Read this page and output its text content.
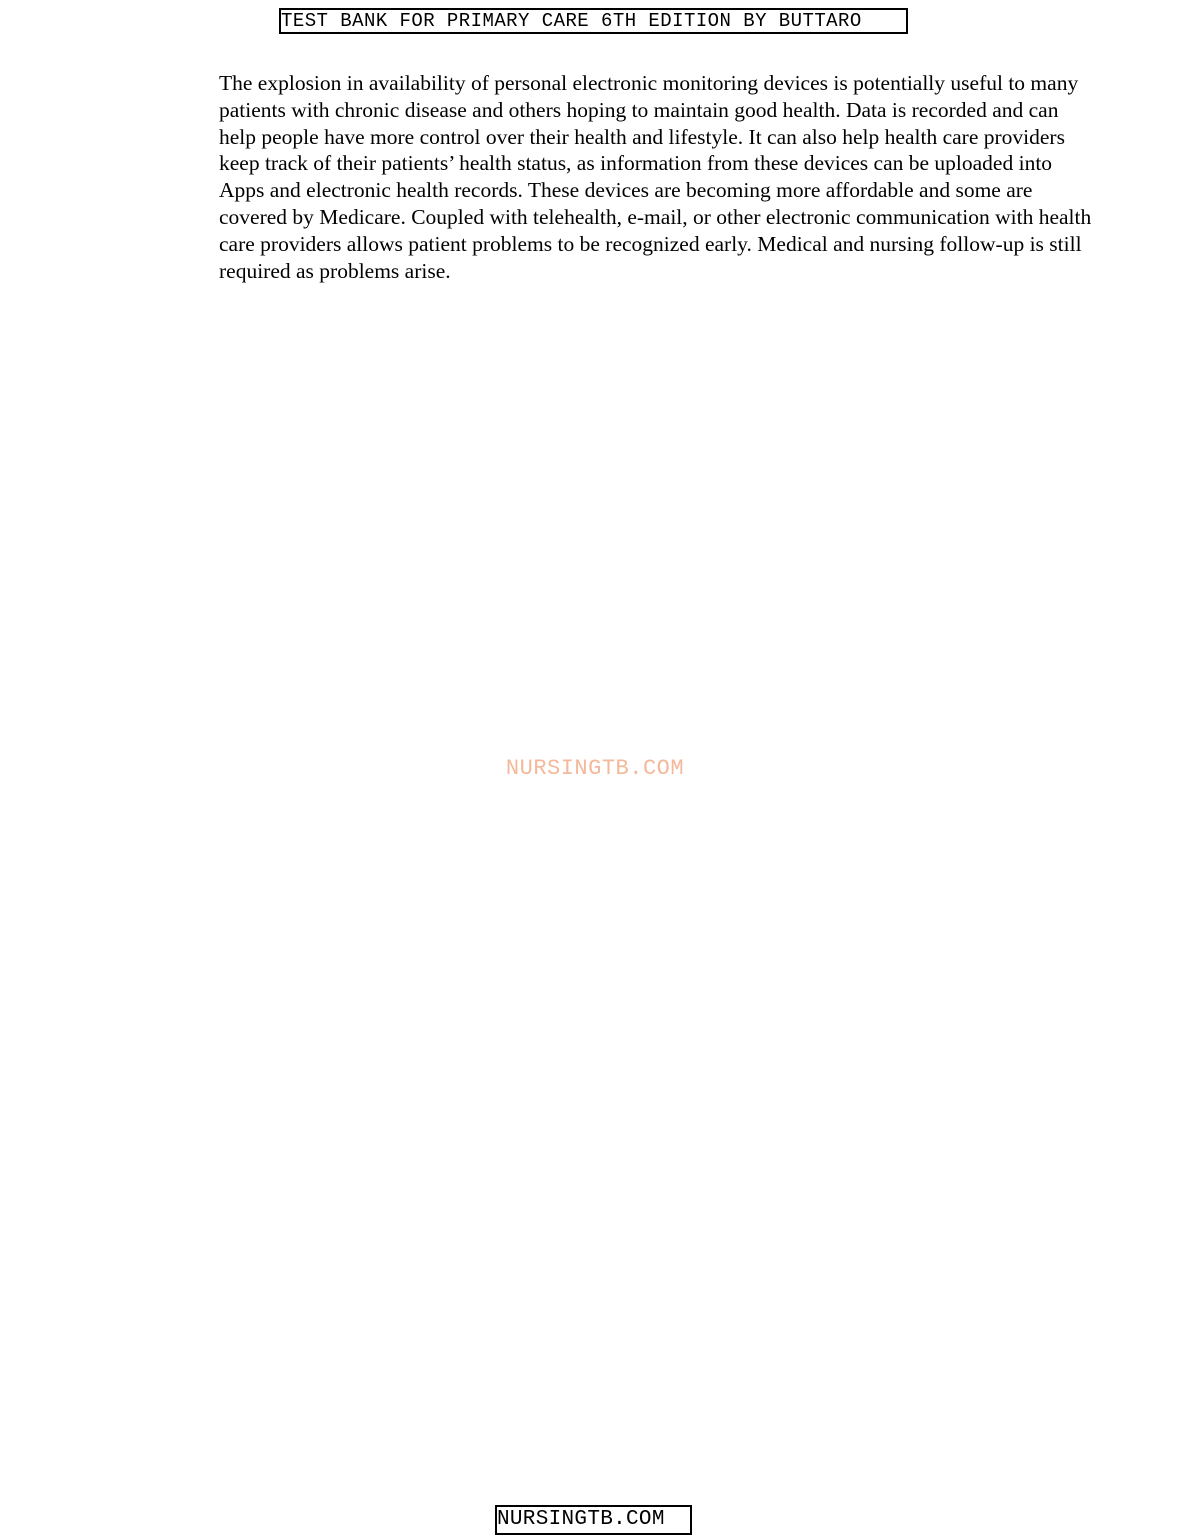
TEST BANK FOR PRIMARY CARE 6TH EDITION BY BUTTARO

The explosion in availability of personal electronic monitoring devices is potentially useful to many patients with chronic disease and others hoping to maintain good health. Data is recorded and can help people have more control over their health and lifestyle. It can also help health care providers keep track of their patients’ health status, as information from these devices can be uploaded into Apps and electronic health records. These devices are becoming more affordable and some are covered by Medicare. Coupled with telehealth, e-mail, or other electronic communication with health care providers allows patient problems to be recognized early. Medical and nursing follow-up is still required as problems arise.

NURSINGTB.COM
NURSINGTB.COM
